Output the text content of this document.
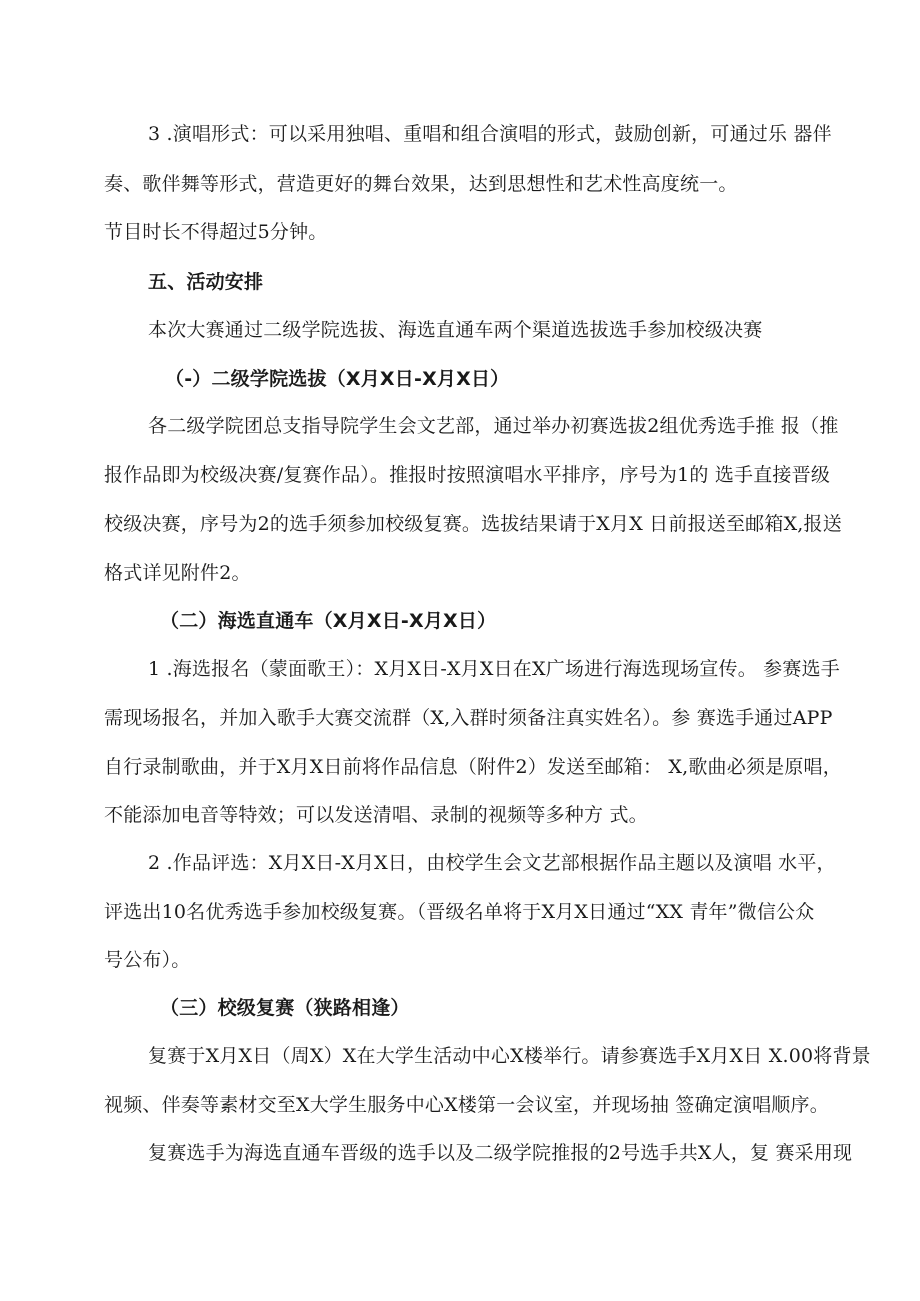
3 .演唱形式：可以采用独唱、重唱和组合演唱的形式，鼓励创新，可通过乐 器伴
奏、歌伴舞等形式，营造更好的舞台效果，达到思想性和艺术性高度统一。
节目时长不得超过5分钟。
五、活动安排
本次大赛通过二级学院选拔、海选直通车两个渠道选拔选手参加校级决赛
（-）二级学院选拔（X月X日-X月X日）
各二级学院团总支指导院学生会文艺部，通过举办初赛选拔2组优秀选手推 报（推
报作品即为校级决赛/复赛作品）。推报时按照演唱水平排序，序号为1的 选手直接晋级
校级决赛，序号为2的选手须参加校级复赛。选拔结果请于X月X 日前报送至邮箱X,报送
格式详见附件2。
（二）海选直通车（X月X日-X月X日）
1 .海选报名（蒙面歌王）：X月X日-X月X日在X广场进行海选现场宣传。 参赛选手
需现场报名，并加入歌手大赛交流群（X,入群时须备注真实姓名）。参 赛选手通过APP
自行录制歌曲，并于X月X日前将作品信息（附件2）发送至邮箱： X,歌曲必须是原唱，
不能添加电音等特效；可以发送清唱、录制的视频等多种方 式。
2 .作品评选：X月X日-X月X日，由校学生会文艺部根据作品主题以及演唱 水平，
评选出10名优秀选手参加校级复赛。（晋级名单将于X月X日通过“XX 青年”微信公众
号公布）。
（三）校级复赛（狭路相逢）
复赛于X月X日（周X）X在大学生活动中心X楼举行。请参赛选手X月X日 X.00将背景
视频、伴奏等素材交至X大学生服务中心X楼第一会议室，并现场抽 签确定演唱顺序。
复赛选手为海选直通车晋级的选手以及二级学院推报的2号选手共X人，复 赛采用现
